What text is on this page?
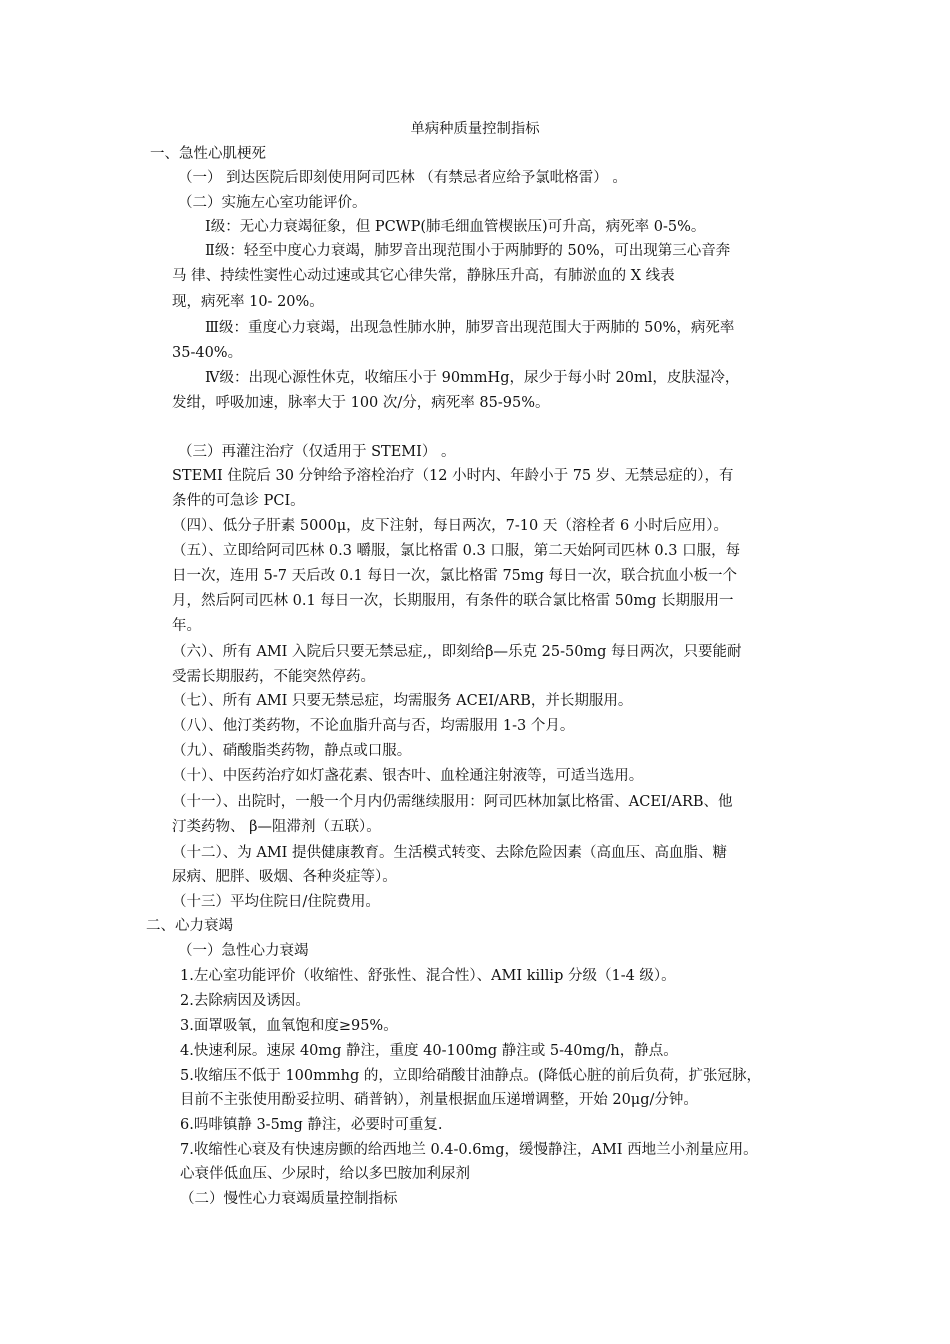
单病种质量控制指标
一、急性心肌梗死
（一） 到达医院后即刻使用阿司匹林 （有禁忌者应给予氯吡格雷） 。
（二）实施左心室功能评价。
Ⅰ级：无心力衰竭征象，但 PCWP(肺毛细血管楔嵌压)可升高，病死率 0-5%。
Ⅱ级：轻至中度心力衰竭，肺罗音出现范围小于两肺野的 50%，可出现第三心音奔
马 律、持续性窦性心动过速或其它心律失常，静脉压升高，有肺淤血的 X 线表
现，病死率 10- 20%。
Ⅲ级：重度心力衰竭，出现急性肺水肿，肺罗音出现范围大于两肺的 50%，病死率
35-40%。
Ⅳ级：出现心源性休克，收缩压小于 90mmHg，尿少于每小时 20ml，皮肤湿冷，
发绀，呼吸加速，脉率大于 100 次/分，病死率 85-95%。
（三）再灌注治疗（仅适用于 STEMI） 。
STEMI 住院后 30 分钟给予溶栓治疗（12 小时内、年龄小于 75 岁、无禁忌症的），有
条件的可急诊 PCI。
（四）、低分子肝素 5000μ，皮下注射，每日两次，7-10 天（溶栓者 6 小时后应用）。
（五）、立即给阿司匹林 0.3 嚼服，氯比格雷 0.3 口服，第二天始阿司匹林 0.3 口服，每
日一次，连用 5-7 天后改 0.1 每日一次，氯比格雷 75mg 每日一次，联合抗血小板一个
月，然后阿司匹林 0.1 每日一次，长期服用，有条件的联合氯比格雷 50mg 长期服用一
年。
（六）、所有 AMI 入院后只要无禁忌症,，即刻给β—乐克 25-50mg 每日两次，只要能耐
受需长期服药，不能突然停药。
（七）、所有 AMI 只要无禁忌症，均需服务 ACEI/ARB，并长期服用。
（八）、他汀类药物，不论血脂升高与否，均需服用 1-3 个月。
（九）、硝酸脂类药物，静点或口服。
（十）、中医药治疗如灯盏花素、银杏叶、血栓通注射液等，可适当选用。
（十一）、出院时，一般一个月内仍需继续服用：阿司匹林加氯比格雷、ACEI/ARB、他
汀类药物、 β—阻滞剂（五联）。
（十二）、为 AMI 提供健康教育。生活模式转变、去除危险因素（高血压、高血脂、糖
尿病、肥胖、吸烟、各种炎症等）。
（十三）平均住院日/住院费用。
二、心力衰竭
（一）急性心力衰竭
1.左心室功能评价（收缩性、舒张性、混合性）、AMI killip 分级（1-4 级）。
2.去除病因及诱因。
3.面罩吸氧，血氧饱和度≥95%。
4.快速利尿。速尿 40mg 静注，重度 40-100mg 静注或 5-40mg/h，静点。
5.收缩压不低于 100mmhg 的，立即给硝酸甘油静点。(降低心脏的前后负荷，扩张冠脉，
目前不主张使用酚妥拉明、硝普钠），剂量根据血压递增调整，开始 20μg/分钟。
6.吗啡镇静 3-5mg 静注，必要时可重复.
7.收缩性心衰及有快速房颤的给西地兰 0.4-0.6mg，缓慢静注，AMI 西地兰小剂量应用。
心衰伴低血压、少尿时，给以多巴胺加利尿剂
（二）慢性心力衰竭质量控制指标
